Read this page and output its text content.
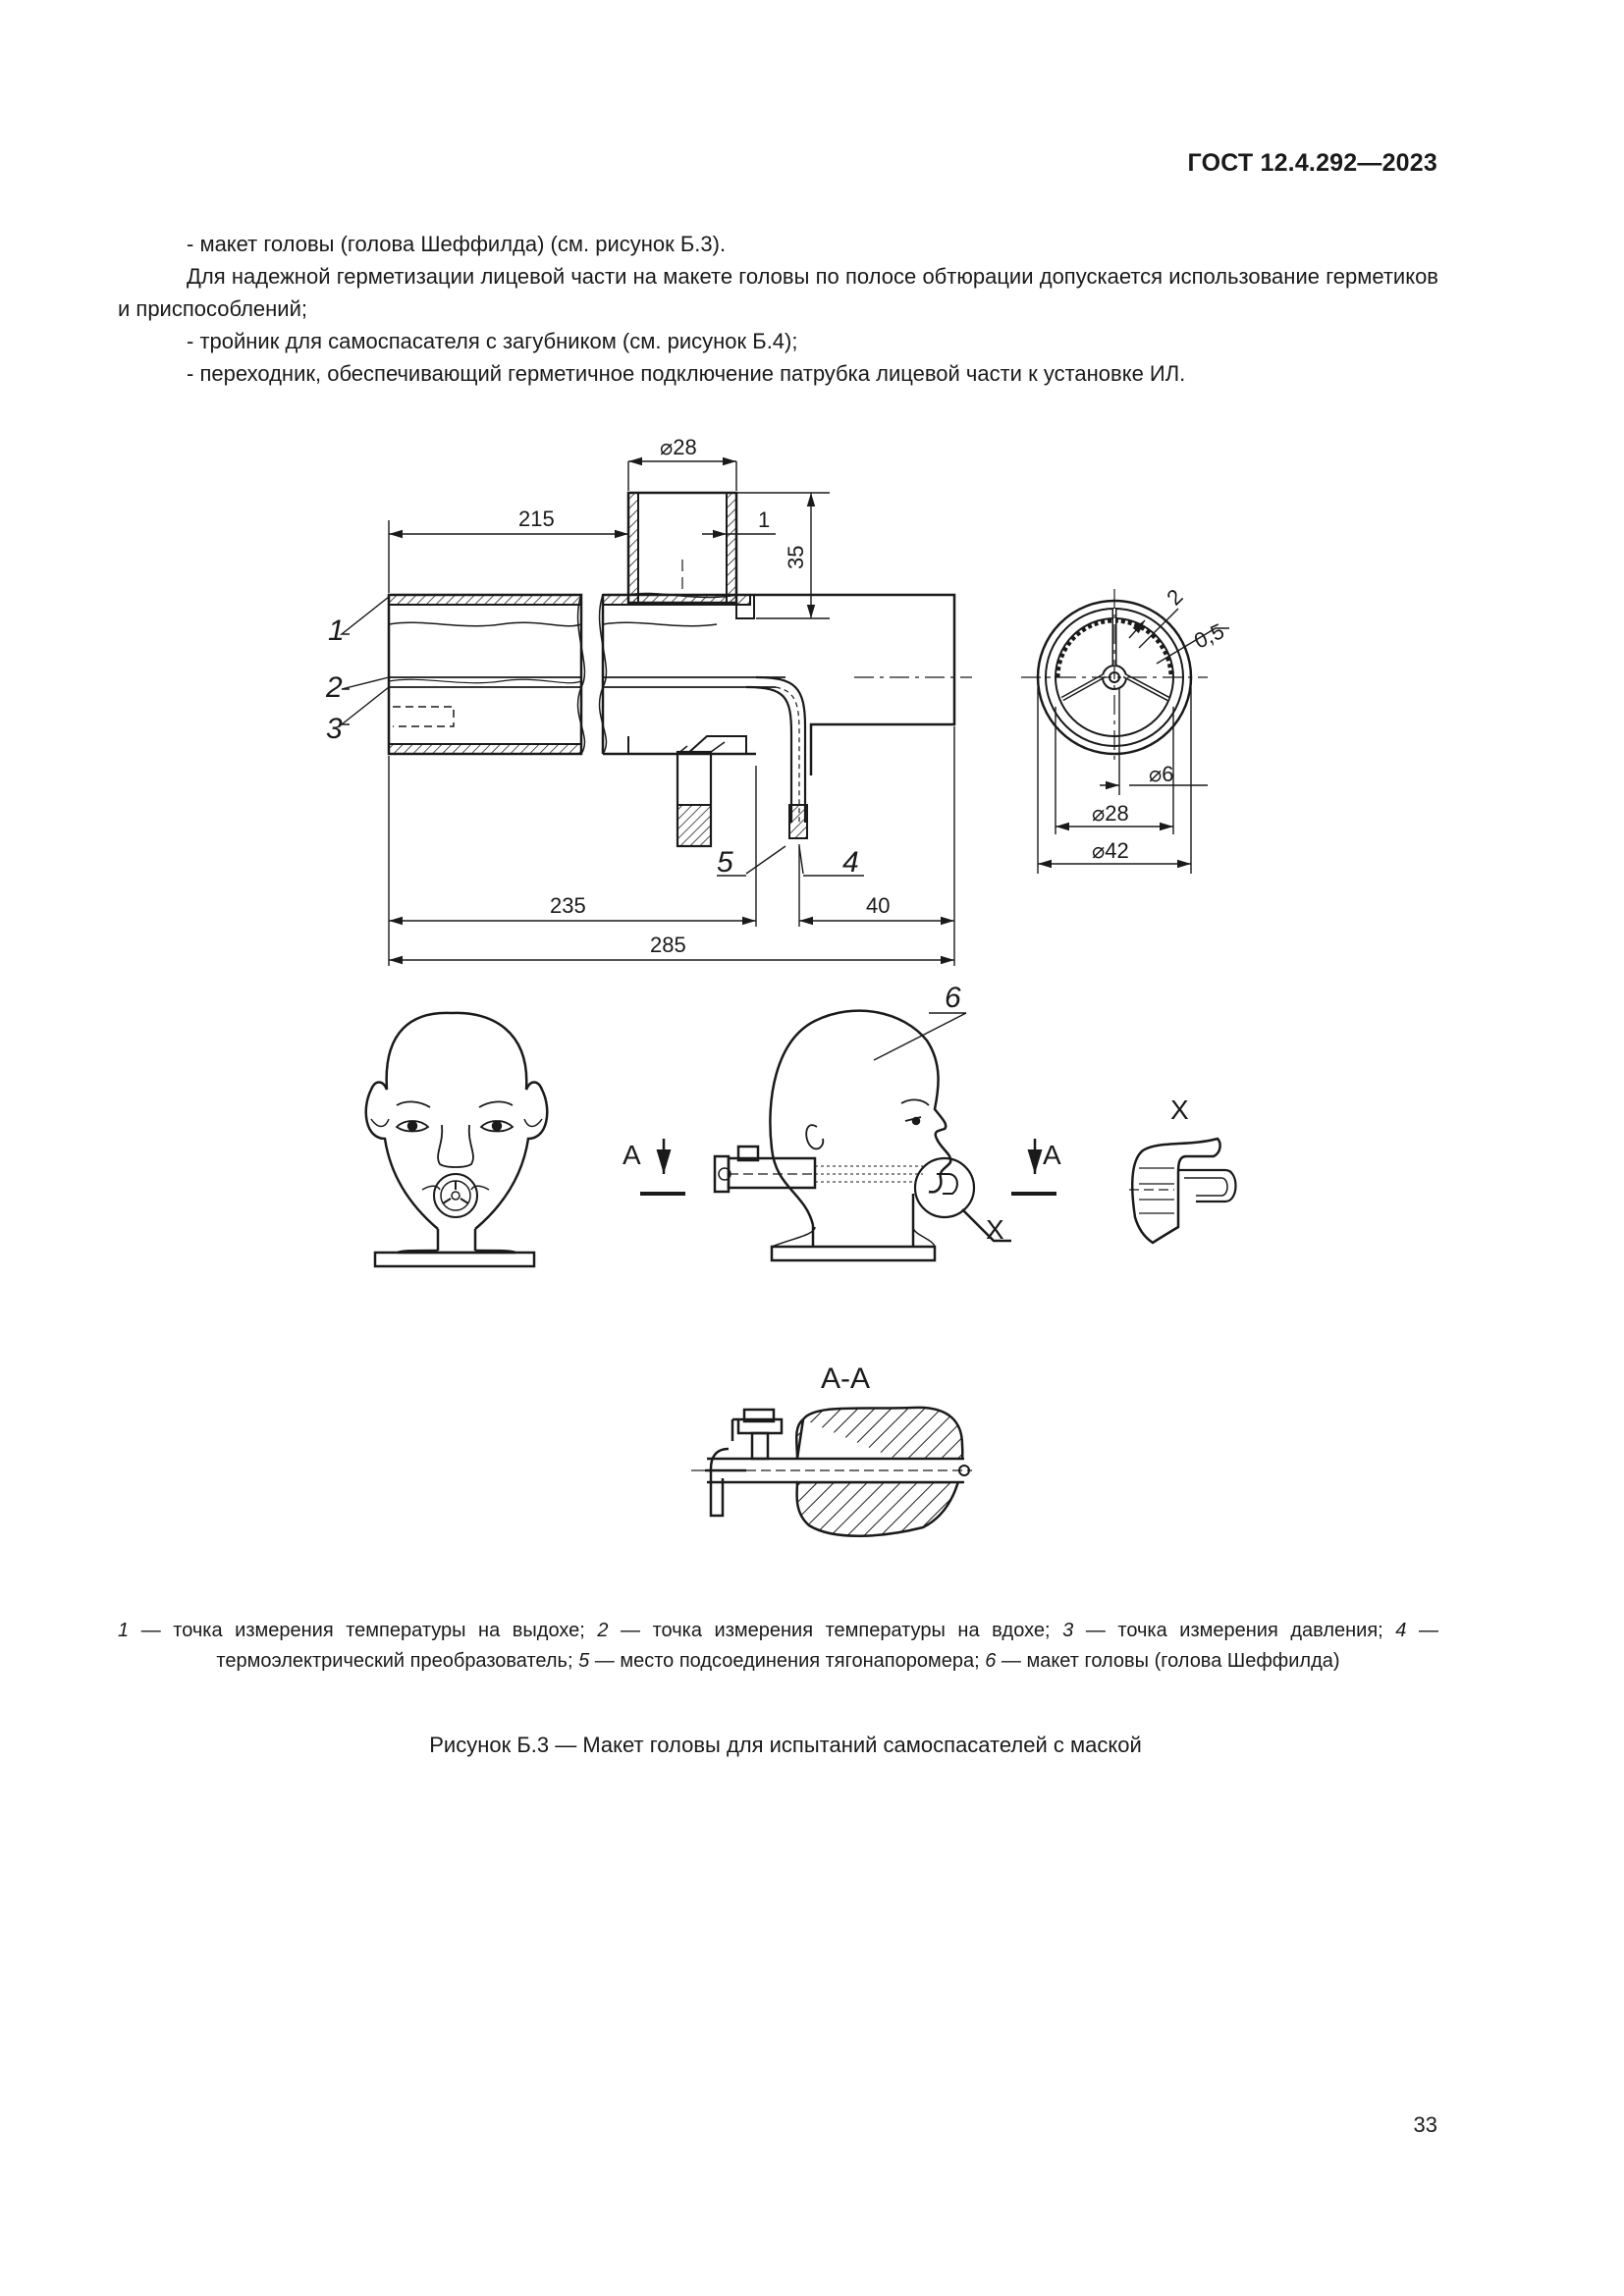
ГОСТ 12.4.292—2023

- макет головы (голова Шеффилда) (см. рисунок Б.3).

Для надежной герметизации лицевой части на макете головы по полосе обтюрации допускается использование герметиков и приспособлений;

- тройник для самоспасателя с загубником (см. рисунок Б.4);

- переходник, обеспечивающий герметичное подключение патрубка лицевой части к установке ИЛ.

⌀28
215	1
35
235	40
285
1
2
3
5	4
6
2
0,5
⌀6
⌀28
⌀42
A	A
X
X
А-А
1 — точка измерения температуры на выдохе; 2 — точка измерения температуры на вдохе; 3 — точка измерения давления; 4 — термоэлектрический преобразователь; 5 — место подсоединения тягонапоромера; 6 — макет головы (голова Шеффилда)
Рисунок Б.3 — Макет головы для испытаний самоспасателей с маской
33
